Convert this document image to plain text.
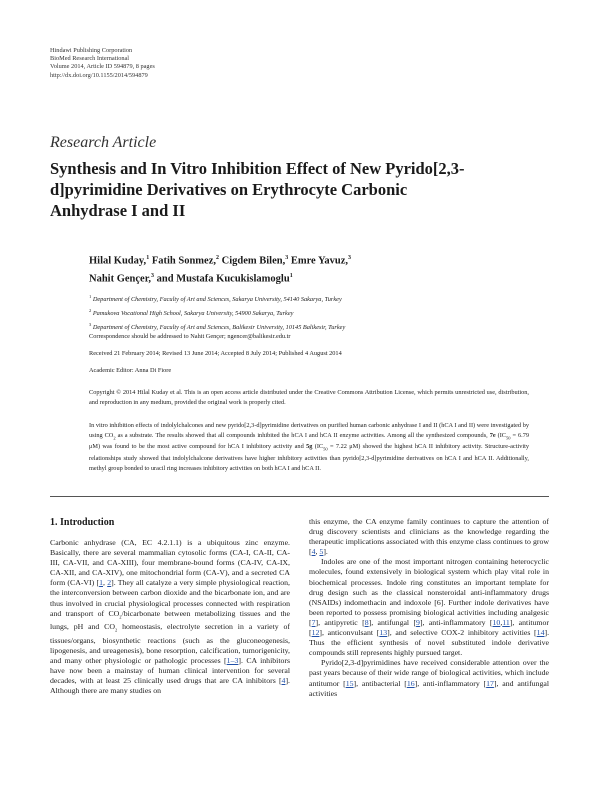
Hindawi Publishing Corporation
BioMed Research International
Volume 2014, Article ID 594879, 8 pages
http://dx.doi.org/10.1155/2014/594879
Research Article
Synthesis and In Vitro Inhibition Effect of New Pyrido[2,3-d]pyrimidine Derivatives on Erythrocyte Carbonic Anhydrase I and II
Hilal Kuday,$^1$ Fatih Sonmez,$^2$ Cigdem Bilen,$^3$ Emre Yavuz,$^3$
Nahit Gençer,$^3$ and Mustafa Kucukislamoglu$^1$
$^1$ Department of Chemistry, Faculty of Art and Sciences, Sakarya University, 54140 Sakarya, Turkey
$^2$ Pamukova Vocational High School, Sakarya University, 54900 Sakarya, Turkey
$^3$ Department of Chemistry, Faculty of Art and Sciences, Balikesir University, 10145 Balikesir, Turkey
Correspondence should be addressed to Nahit Gençer; ngencer@balikesir.edu.tr
Received 21 February 2014; Revised 13 June 2014; Accepted 8 July 2014; Published 4 August 2014
Academic Editor: Anna Di Fiore
Copyright © 2014 Hilal Kuday et al. This is an open access article distributed under the Creative Commons Attribution License, which permits unrestricted use, distribution, and reproduction in any medium, provided the original work is properly cited.
In vitro inhibition effects of indolylchalcones and new pyrido[2,3-d]pyrimidine derivatives on purified human carbonic anhydrase I and II (hCA I and II) were investigated by using $CO_2$ as a substrate. The results showed that all compounds inhibited the hCA I and hCA II enzyme activities. Among all the synthesized compounds, 7e ($IC_{50} = 6.79$ μM) was found to be the most active compound for hCA I inhibitory activity and 5g ($IC_{50} = 7.22$ μM) showed the highest hCA II inhibitory activity. Structure-activity relationships study showed that indolylchalcone derivatives have higher inhibitory activities than pyrido[2,3-d]pyrimidine derivatives on hCA I and hCA II. Additionally, methyl group bonded to uracil ring increases inhibitory activities on both hCA I and hCA II.
1. Introduction

Carbonic anhydrase (CA, EC 4.2.1.1) is a ubiquitous zinc enzyme. Basically, there are several mammalian cytosolic forms (CA-I, CA-II, CA-III, CA-VII, and CA-XIII), four membrane-bound forms (CA-IV, CA-IX, CA-XII, and CA-XIV), one mitochondrial form (CA-V), and a secreted CA form (CA-VI) [1, 2]. They all catalyze a very simple physiological reaction, the interconversion between carbon dioxide and the bicarbonate ion, and are thus involved in crucial physiological processes connected with respiration and transport of $CO_2$/bicarbonate between metabolizing tissues and the lungs, pH and $CO_2$ homeostasis, electrolyte secretion in a variety of tissues/organs, biosynthetic reactions (such as the gluconeogenesis, lipogenesis, and ureagenesis), bone resorption, calcification, tumorigenicity, and many other physiologic or pathologic processes [1–3]. CA inhibitors have now been a mainstay of human clinical intervention for several decades, with at least 25 clinically used drugs that are CA inhibitors [4]. Although there are many studies on

this enzyme, the CA enzyme family continues to capture the attention of drug discovery scientists and clinicians as the knowledge regarding the therapeutic implications associated with this enzyme class continues to grow [4, 5].

Indoles are one of the most important nitrogen containing heterocyclic molecules, found extensively in biological system which play vital role in biochemical processes. Indole ring constitutes an important template for drug design such as the classical nonsteroidal anti-inflammatory drugs (NSAIDs) indomethacin and indoxole [6]. Further indole derivatives have been reported to possess promising biological activities including analgesic [7], antipyretic [8], antifungal [9], anti-inflammatory [10,11], antitumor [12], anticonvulsant [13], and selective COX-2 inhibitory activities [14]. Thus the efficient synthesis of novel substituted indole derivative compounds still represents highly pursued target.

Pyrido[2,3-d]pyrimidines have received considerable attention over the past years because of their wide range of biological activities, which include antitumor [15], antibacterial [16], anti-inflammatory [17], and antifungal activities
